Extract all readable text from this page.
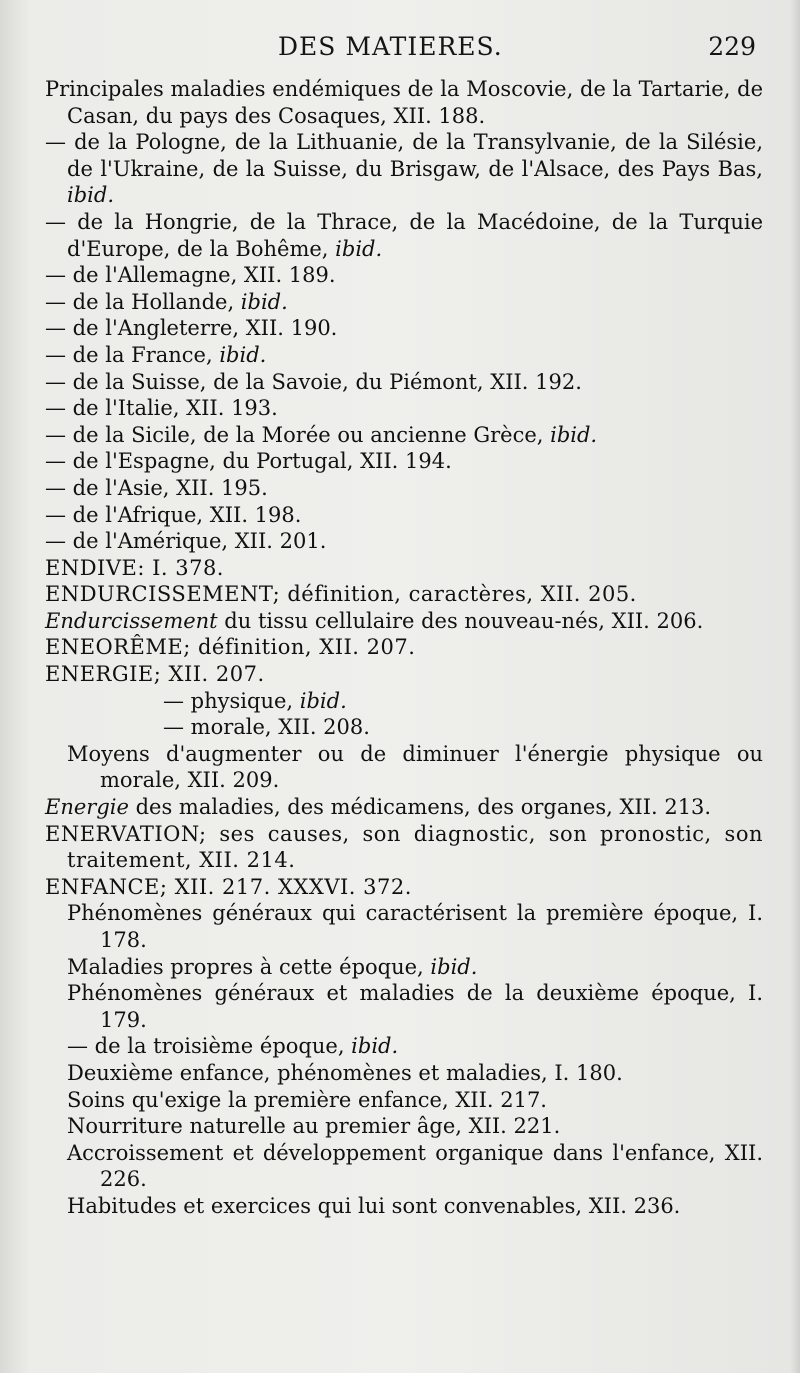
DES MATIERES.	229

Principales maladies endémiques de la Moscovie, de la Tartarie, de Casan, du pays des Cosaques, XII. 188.

— de la Pologne, de la Lithuanie, de la Transylvanie, de la Silésie, de l'Ukraine, de la Suisse, du Brisgaw, de l'Alsace, des Pays Bas, ibid.

— de la Hongrie, de la Thrace, de la Macédoine, de la Turquie d'Europe, de la Bohême, ibid.

— de l'Allemagne, XII. 189.

— de la Hollande, ibid.

— de l'Angleterre, XII. 190.

— de la France, ibid.

— de la Suisse, de la Savoie, du Piémont, XII. 192.

— de l'Italie, XII. 193.

— de la Sicile, de la Morée ou ancienne Grèce, ibid.

— de l'Espagne, du Portugal, XII. 194.

— de l'Asie, XII. 195.

— de l'Afrique, XII. 198.

— de l'Amérique, XII. 201.

ENDIVE: I. 378.

ENDURCISSEMENT; définition, caractères, XII. 205.

Endurcissement du tissu cellulaire des nouveau-nés, XII. 206.

ENEORÊME; définition, XII. 207.

ENERGIE; XII. 207.

— physique, ibid.

— morale, XII. 208.

Moyens d'augmenter ou de diminuer l'énergie physique ou morale, XII. 209.

Energie des maladies, des médicamens, des organes, XII. 213.

ENERVATION; ses causes, son diagnostic, son pronostic, son traitement, XII. 214.

ENFANCE; XII. 217. XXXVI. 372.

Phénomènes généraux qui caractérisent la première époque, I. 178.

Maladies propres à cette époque, ibid.

Phénomènes généraux et maladies de la deuxième époque, I. 179.

— de la troisième époque, ibid.

Deuxième enfance, phénomènes et maladies, I. 180.

Soins qu'exige la première enfance, XII. 217.

Nourriture naturelle au premier âge, XII. 221.

Accroissement et développement organique dans l'enfance, XII. 226.

Habitudes et exercices qui lui sont convenables, XII. 236.
